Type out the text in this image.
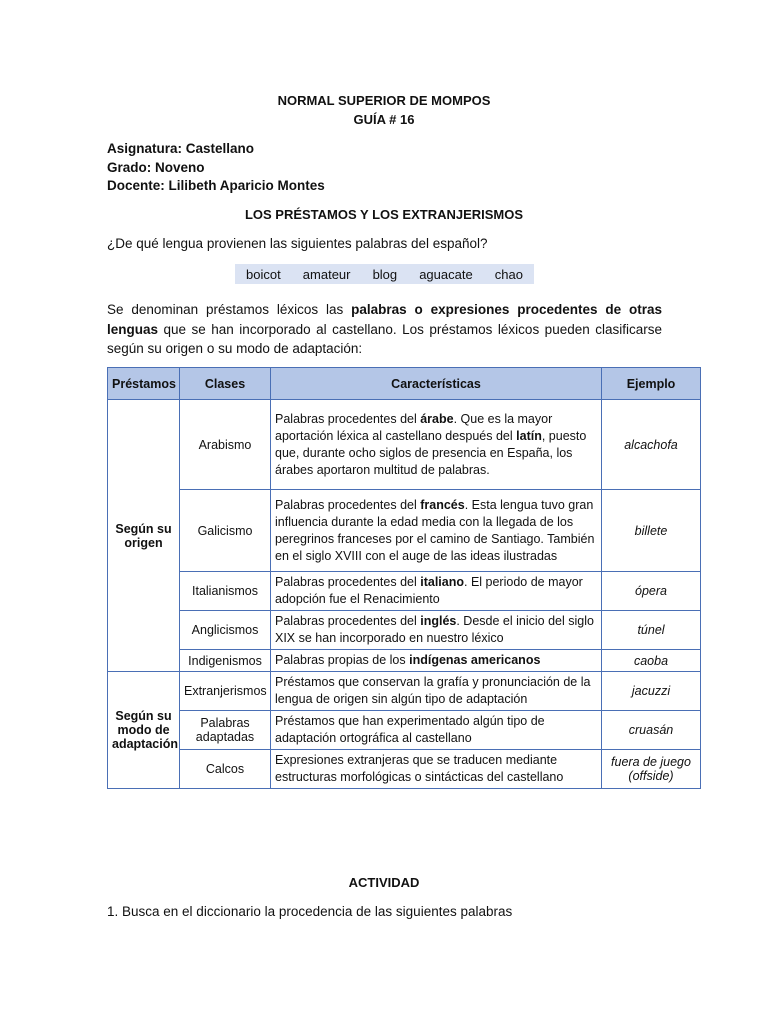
NORMAL SUPERIOR DE MOMPOS
GUÍA # 16
Asignatura: Castellano
Grado: Noveno
Docente: Lilibeth Aparicio Montes
LOS PRÉSTAMOS Y LOS EXTRANJERISMOS
¿De qué lengua provienen las siguientes palabras del español?
boicot	amateur	blog	aguacate	chao
Se denominan préstamos léxicos las palabras o expresiones procedentes de otras lenguas que se han incorporado al castellano. Los préstamos léxicos pueden clasificarse según su origen o su modo de adaptación:
Préstamos	Clases	Características	Ejemplo
Según su origen	Arabismo	Palabras procedentes del árabe. Que es la mayor aportación léxica al castellano después del latín, puesto que, durante ocho siglos de presencia en España, los árabes aportaron multitud de palabras.	alcachofa
	Galicismo	Palabras procedentes del francés. Esta lengua tuvo gran influencia durante la edad media con la llegada de los peregrinos franceses por el camino de Santiago. También en el siglo XVIII con el auge de las ideas ilustradas	billete
	Italianismos	Palabras procedentes del italiano. El periodo de mayor adopción fue el Renacimiento	ópera
	Anglicismos	Palabras procedentes del inglés. Desde el inicio del siglo XIX se han incorporado en nuestro léxico	túnel
	Indigenismos	Palabras propias de los indígenas americanos	caoba
Según su modo de adaptación	Extranjerismos	Préstamos que conservan la grafía y pronunciación de la lengua de origen sin algún tipo de adaptación	jacuzzi
	Palabras adaptadas	Préstamos que han experimentado algún tipo de adaptación ortográfica al castellano	cruasán
	Calcos	Expresiones extranjeras que se traducen mediante estructuras morfológicas o sintácticas del castellano	fuera de juego (offside)
ACTIVIDAD
1. Busca en el diccionario la procedencia de las siguientes palabras
